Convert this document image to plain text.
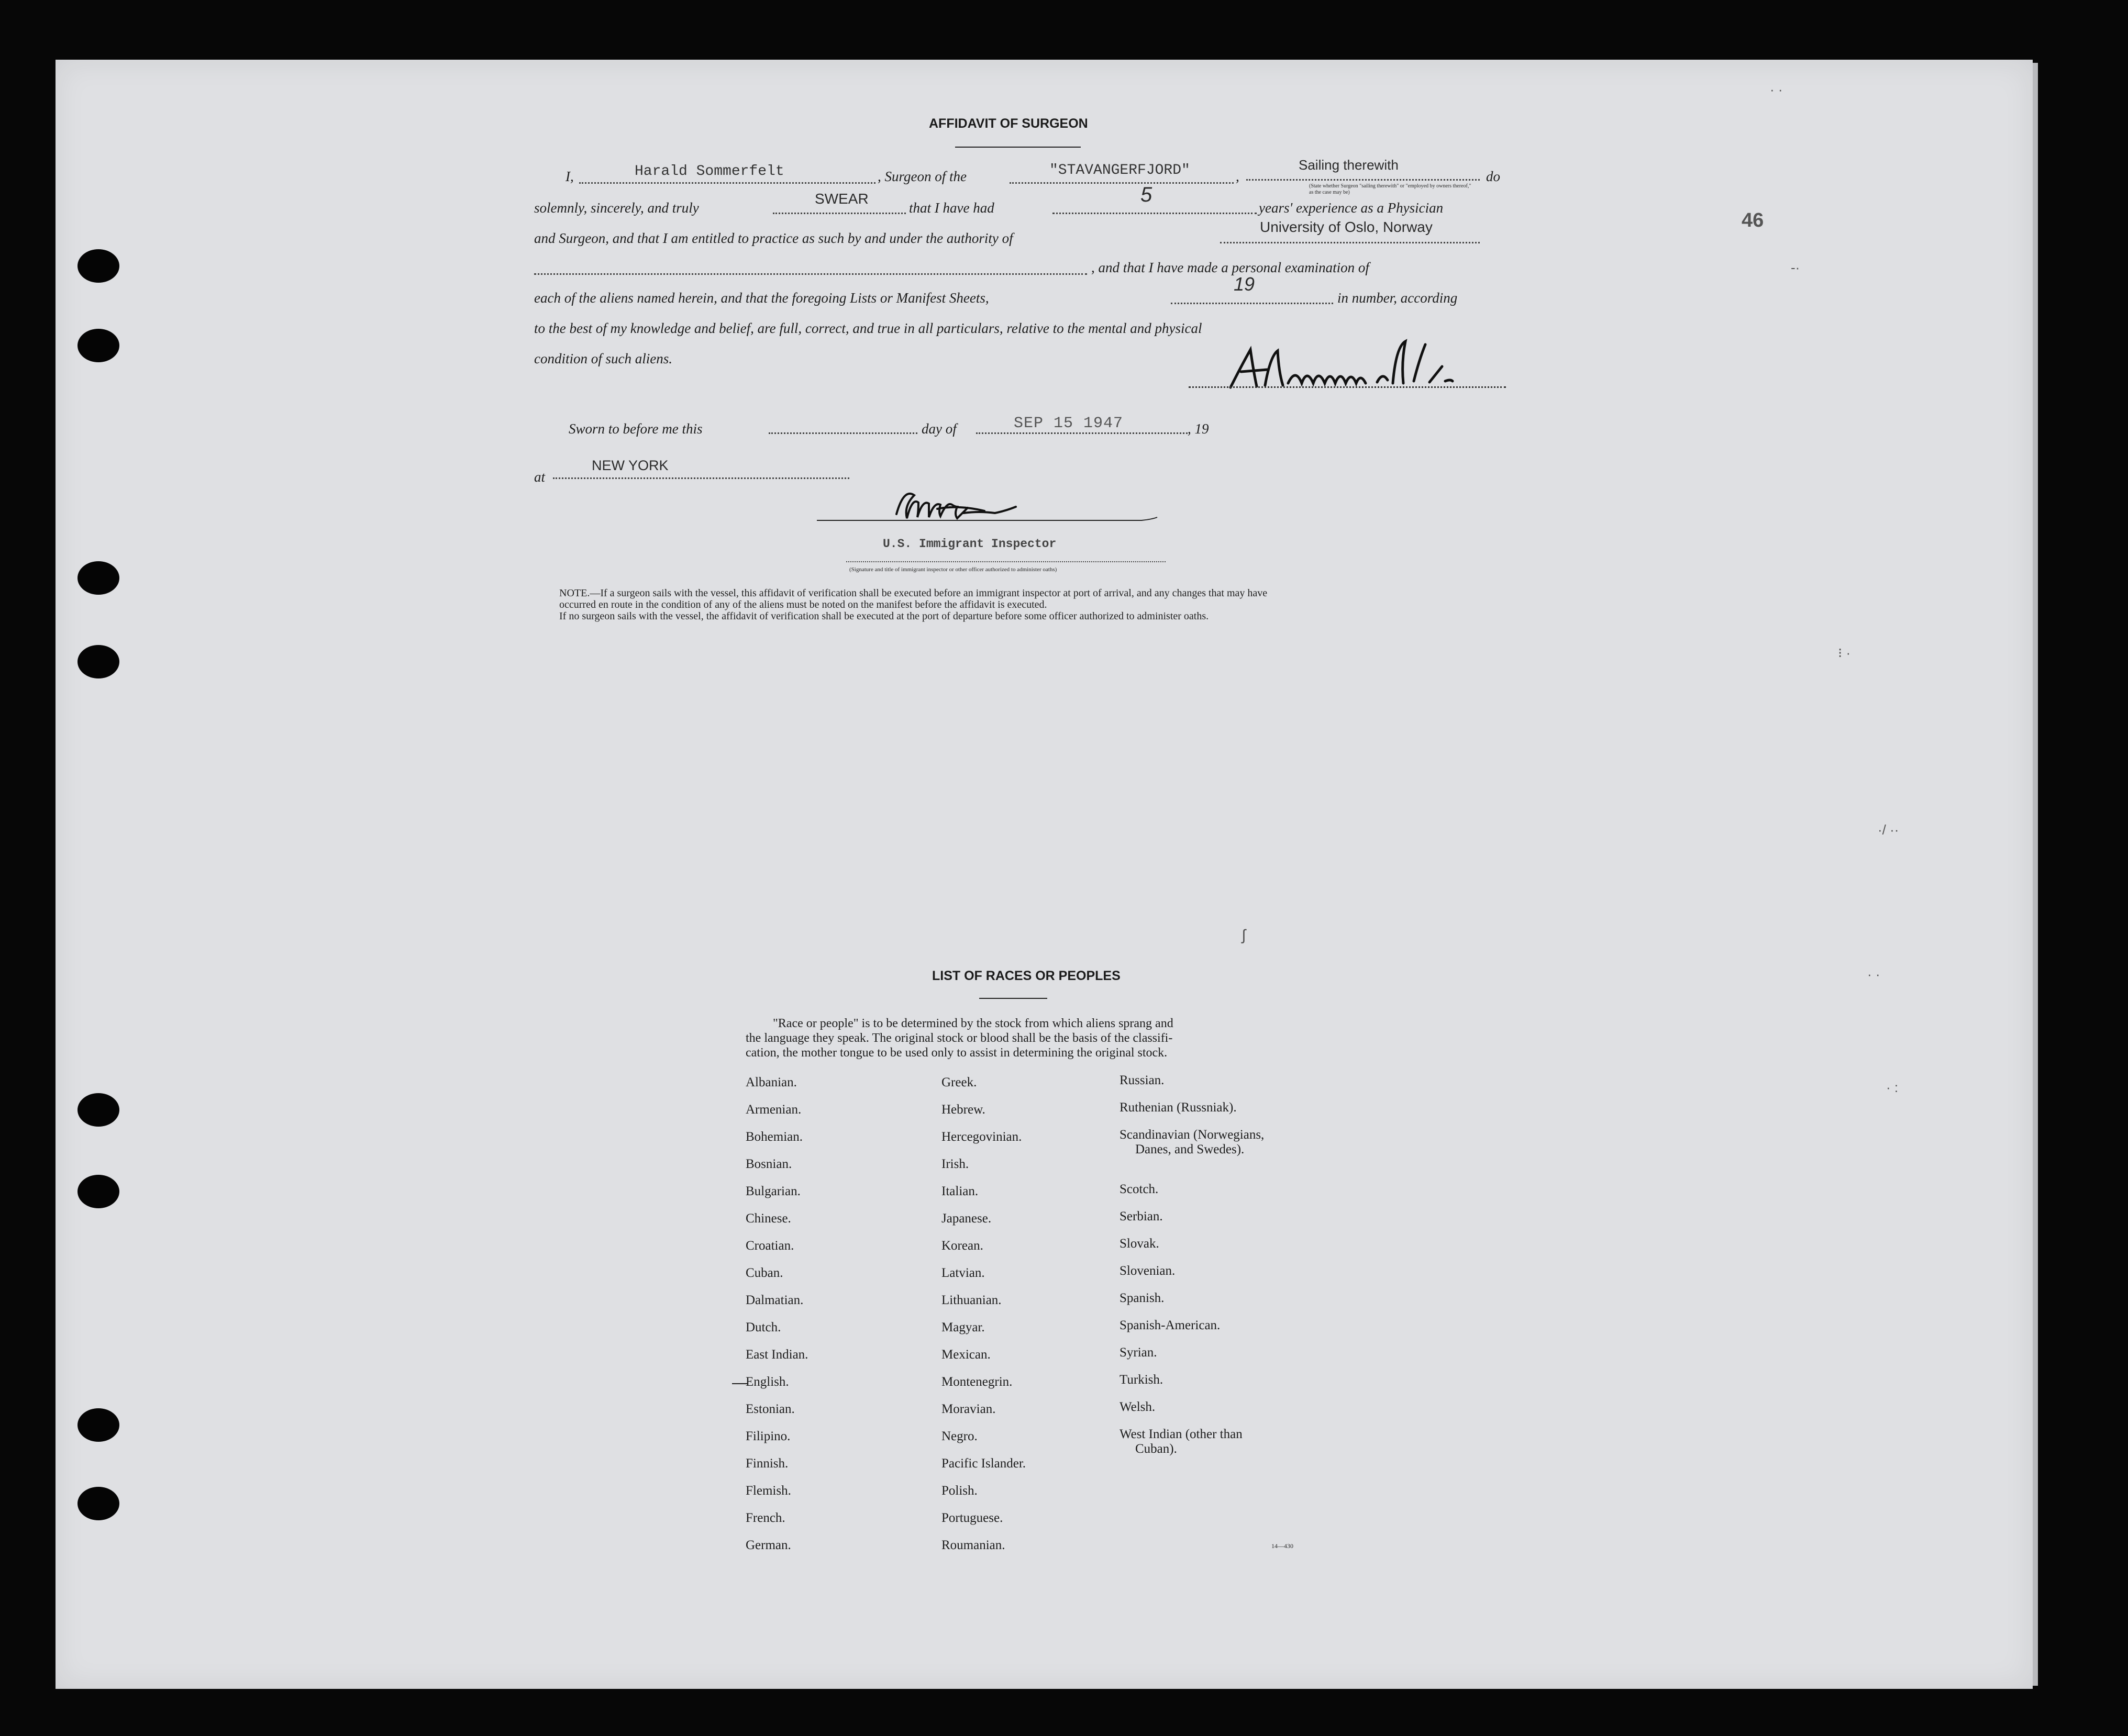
AFFIDAVIT OF SURGEON
I,	Harald Sommerfelt	, Surgeon of the	"STAVANGERFJORD"	,
Sailing therewith
(State whether Surgeon "sailing therewith" or "employed by owners thereof," as the case may be)
do
solemnly, sincerely, and truly
SWEAR
that I have had
5
years' experience as a Physician
and Surgeon, and that I am entitled to practice as such by and under the authority of
University of Oslo, Norway
, and that I have made a personal examination of
each of the aliens named herein, and that the foregoing Lists or Manifest Sheets,
19
in number, according
to the best of my knowledge and belief, are full, correct, and true in all particulars, relative to the mental and physical
condition of such aliens.
Sworn to before me this	day of	SEP 15 1947	, 19
at
NEW YORK
U.S. Immigrant Inspector
(Signature and title of immigrant inspector or other officer authorized to administer oaths)
NOTE.—If a surgeon sails with the vessel, this affidavit of verification shall be executed before an immigrant inspector at port of arrival, and any changes that may have
occurred en route in the condition of any of the aliens must be noted on the manifest before the affidavit is executed.
If no surgeon sails with the vessel, the affidavit of verification shall be executed at the port of departure before some officer authorized to administer oaths.
46
· ·
-·
⁝ ·
·/ ··
· ·
· :
ʃ
LIST OF RACES OR PEOPLES
"Race or people" is to be determined by the stock from which aliens sprang and
the language they speak. The original stock or blood shall be the basis of the classifi-
cation, the mother tongue to be used only to assist in determining the original stock.
Albanian.
Armenian.
Bohemian.
Bosnian.
Bulgarian.
Chinese.
Croatian.
Cuban.
Dalmatian.
Dutch.
East Indian.
English.
Estonian.
Filipino.
Finnish.
Flemish.
French.
German.
Greek.
Hebrew.
Hercegovinian.
Irish.
Italian.
Japanese.
Korean.
Latvian.
Lithuanian.
Magyar.
Mexican.
Montenegrin.
Moravian.
Negro.
Pacific Islander.
Polish.
Portuguese.
Roumanian.
Russian.
Ruthenian (Russniak).
Scandinavian (Norwegians,
Danes, and Swedes).
Scotch.
Serbian.
Slovak.
Slovenian.
Spanish.
Spanish-American.
Syrian.
Turkish.
Welsh.
West Indian (other than
Cuban).
14—430
